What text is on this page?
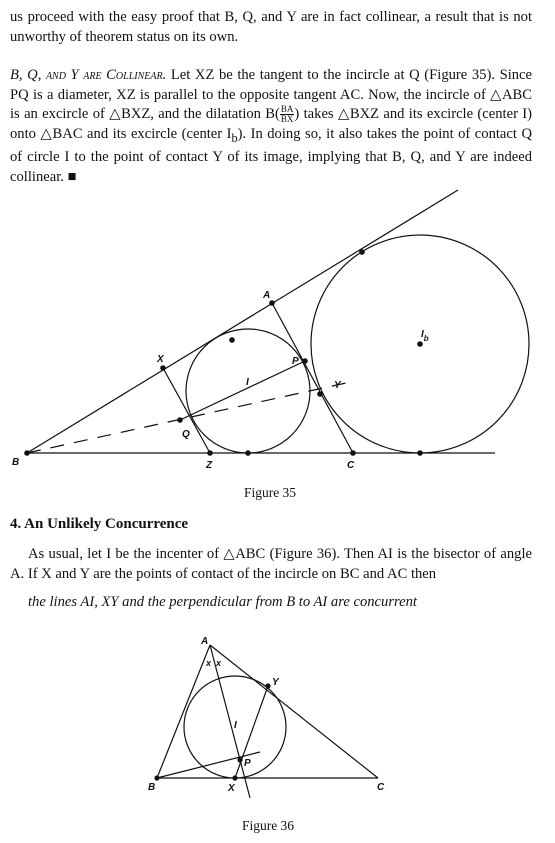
us proceed with the easy proof that B, Q, and Y are in fact collinear, a result that is not unworthy of theorem status on its own.

B, Q, and Y are Collinear. Let XZ be the tangent to the incircle at Q (Figure 35). Since PQ is a diameter, XZ is parallel to the opposite tangent AC. Now, the incircle of △ABC is an excircle of △BXZ, and the dilatation $B( \frac{BA}{BX}$ ) takes △BXZ and its excircle (center I) onto △BAC and its excircle (center $I_b$). In doing so, it also takes the point of contact Q of circle I to the point of contact Y of its image, implying that B, Q, and Y are indeed collinear. ■

A
X	P
I	Y
Q
B	Z	C
$I_b$
Figure 35

4. An Unlikely Concurrence

As usual, let I be the incenter of △ABC (Figure 36). Then AI is the bisector of angle A. If X and Y are the points of contact of the incircle on BC and AC then

the lines AI, XY and the perpendicular from B to AI are concurrent

A
x x
Y
I
P
B	X	C
Figure 36
